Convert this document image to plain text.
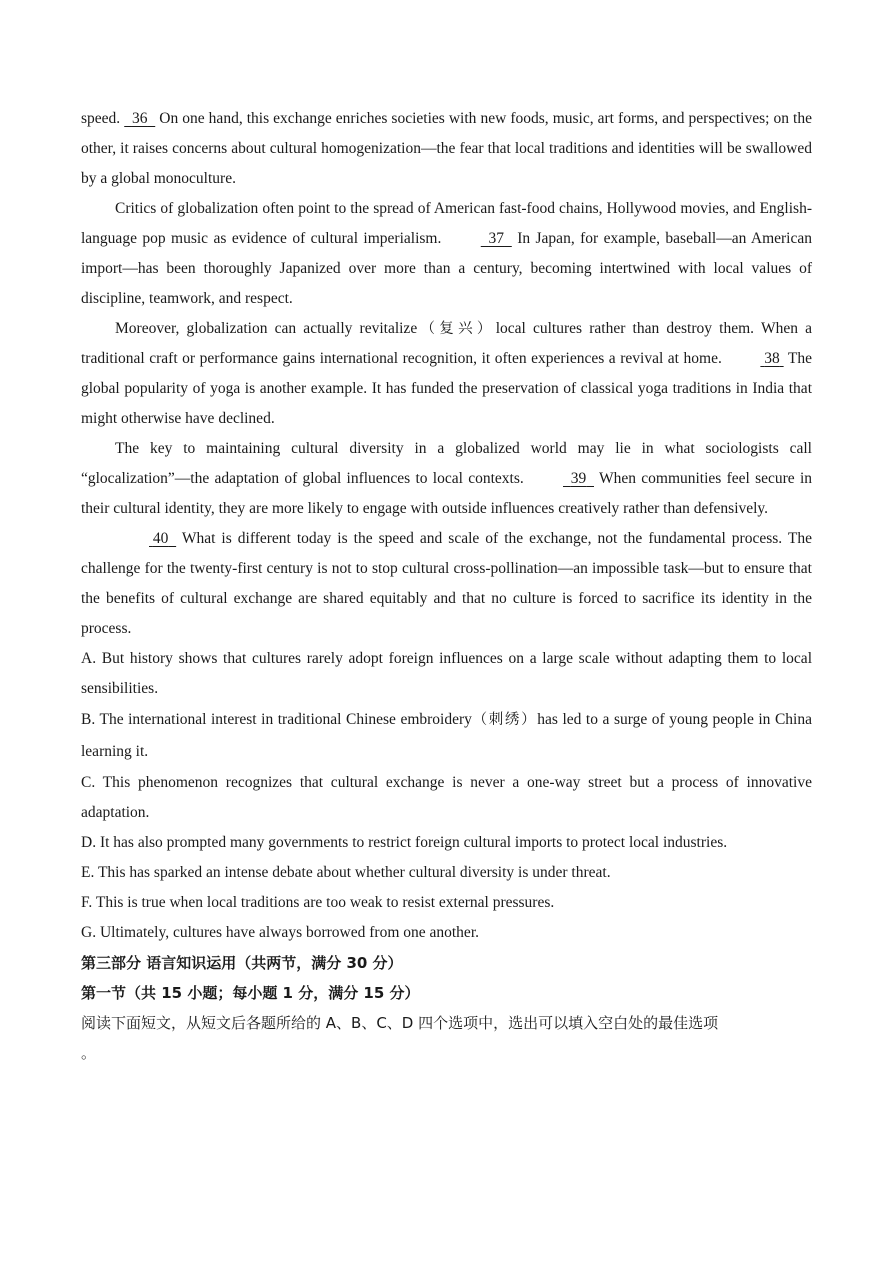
speed.   36   On one hand, this exchange enriches societies with new foods, music, art forms, and perspectives; on the other, it raises concerns about cultural homogenization—the fear that local traditions and identities will be swallowed by a global monoculture.

Critics of globalization often point to the spread of American fast-food chains, Hollywood movies, and English-language pop music as evidence of cultural imperialism.	37   In Japan, for example, baseball—an American import—has been thoroughly Japanized over more than a century, becoming intertwined with local values of discipline, teamwork, and respect.

Moreover, globalization can actually revitalize（复兴）local cultures rather than destroy them. When a traditional craft or performance gains international recognition, it often experiences a revival at home.  38  The global popularity of yoga is another example. It has funded the preservation of classical yoga traditions in India that might otherwise have declined.

The key to maintaining cultural diversity in a globalized world may lie in what sociologists call “glocalization”—the adaptation of global influences to local contexts.	39   When communities feel secure in their cultural identity, they are more likely to engage with outside influences creatively rather than defensively.

40   What is different today is the speed and scale of the exchange, not the fundamental process. The challenge for the twenty-first century is not to stop cultural cross-pollination—an impossible task—but to ensure that the benefits of cultural exchange are shared equitably and that no culture is forced to sacrifice its identity in the process.

A. But history shows that cultures rarely adopt foreign influences on a large scale without adapting them to local sensibilities.

B. The international interest in traditional Chinese embroidery（刺绣）has led to a surge of young people in China learning it.

C. This phenomenon recognizes that cultural exchange is never a one-way street but a process of innovative adaptation.

D. It has also prompted many governments to restrict foreign cultural imports to protect local industries.

E. This has sparked an intense debate about whether cultural diversity is under threat.

F. This is true when local traditions are too weak to resist external pressures.

G. Ultimately, cultures have always borrowed from one another.

第三部分 语言知识运用（共两节，满分 30 分）

第一节（共 15 小题；每小题 1 分，满分 15 分）

阅读下面短文，从短文后各题所给的 A、B、C、D 四个选项中，选出可以填入空白处的最佳选项

。
